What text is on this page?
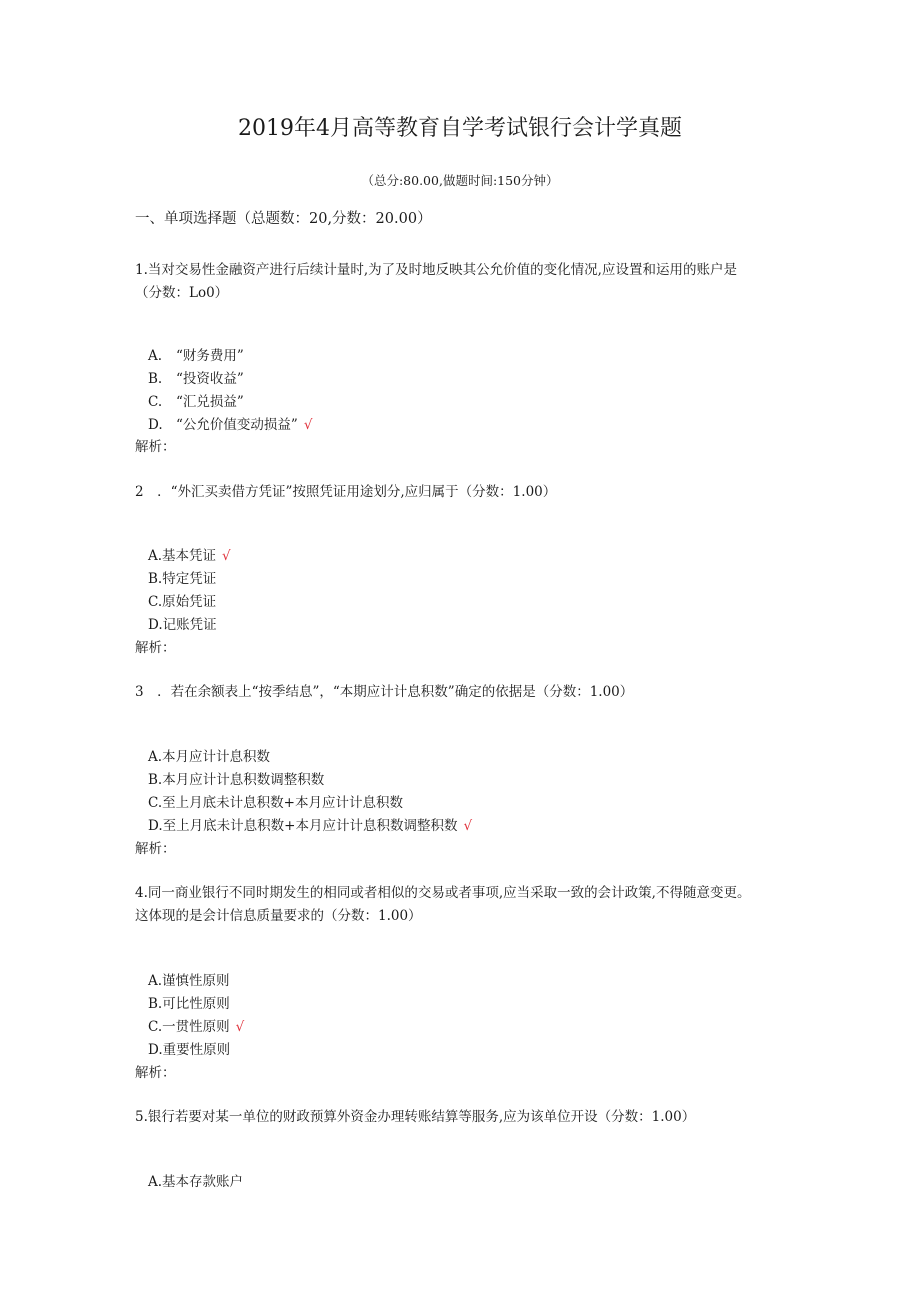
2019年4月高等教育自学考试银行会计学真题
（总分:80.00,做题时间:150分钟）
一、单项选择题（总题数：20,分数：20.00）
1.当对交易性金融资产进行后续计量时,为了及时地反映其公允价值的变化情况,应设置和运用的账户是
（分数：Lo0）
A. “财务费用”
B. “投资收益”
C. “汇兑损益”
D. “公允价值变动损益” √
解析：
2　．“外汇买卖借方凭证”按照凭证用途划分,应归属于（分数：1.00）
A.基本凭证 √
B.特定凭证
C.原始凭证
D.记账凭证
解析：
3　．若在余额表上“按季结息”，“本期应计计息积数”确定的依据是（分数：1.00）
A.本月应计计息积数
B.本月应计计息积数调整积数
C.至上月底未计息积数+本月应计计息积数
D.至上月底未计息积数+本月应计计息积数调整积数 √
解析：
4.同一商业银行不同时期发生的相同或者相似的交易或者事项,应当采取一致的会计政策,不得随意变更。
这体现的是会计信息质量要求的（分数：1.00）
A.谨慎性原则
B.可比性原则
C.一贯性原则 √
D.重要性原则
解析：
5.银行若要对某一单位的财政预算外资金办理转账结算等服务,应为该单位开设（分数：1.00）
A.基本存款账户
